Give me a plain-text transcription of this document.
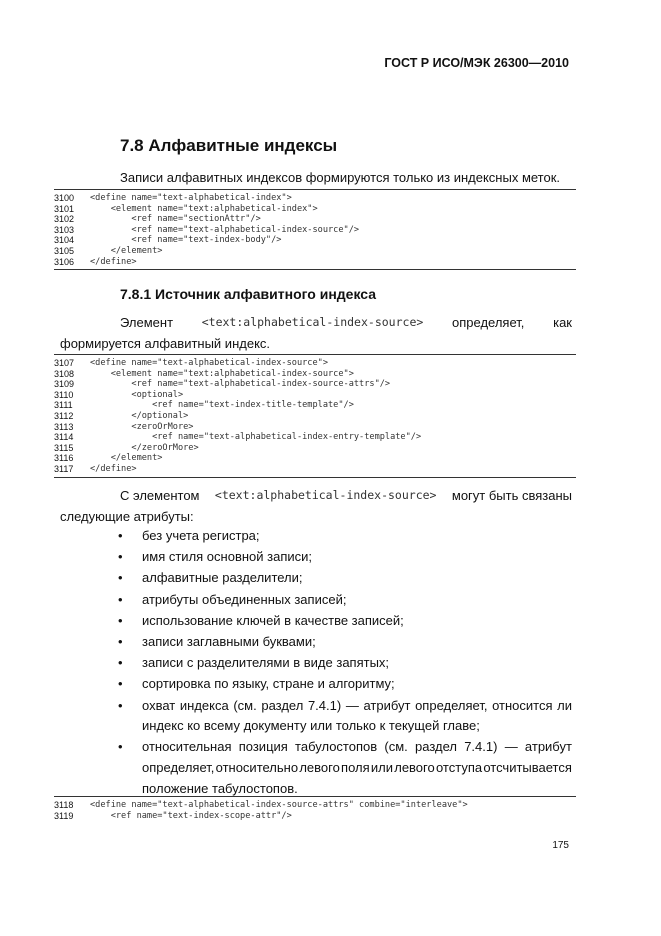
ГОСТ Р ИСО/МЭК 26300—2010
7.8 Алфавитные индексы
Записи алфавитных индексов формируются только из индексных меток.
3100	<define name="text-alphabetical-index">
3101	<element name="text:alphabetical-index">
3102	<ref name="sectionAttr"/>
3103	<ref name="text-alphabetical-index-source"/>
3104	<ref name="text-index-body"/>
3105	</element>
3106	</define>
7.8.1 Источник алфавитного индекса
Элемент <text:alphabetical-index-source> определяет, как
формируется алфавитный индекс.
3107	<define name="text-alphabetical-index-source">
3108	<element name="text:alphabetical-index-source">
3109	<ref name="text-alphabetical-index-source-attrs"/>
3110	<optional>
3111	<ref name="text-index-title-template"/>
3112	</optional>
3113	<zeroOrMore>
3114	<ref name="text-alphabetical-index-entry-template"/>
3115	</zeroOrMore>
3116	</element>
3117	</define>
С элементом <text:alphabetical-index-source> могут быть связаны
следующие атрибуты:
• без учета регистра;
• имя стиля основной записи;
• алфавитные разделители;
• атрибуты объединенных записей;
• использование ключей в качестве записей;
• записи заглавными буквами;
• записи с разделителями в виде запятых;
• сортировка по языку, стране и алгоритму;
• охват индекса (см. раздел 7.4.1) — атрибут определяет, относится ли
индекс ко всему документу или только к текущей главе;
• относительная позиция табулостопов (см. раздел 7.4.1) — атрибут
определяет, относительно левого поля или левого отступа отсчитывается
положение табулостопов.
3118	<define name="text-alphabetical-index-source-attrs" combine="interleave">
3119	<ref name="text-index-scope-attr"/>
175
